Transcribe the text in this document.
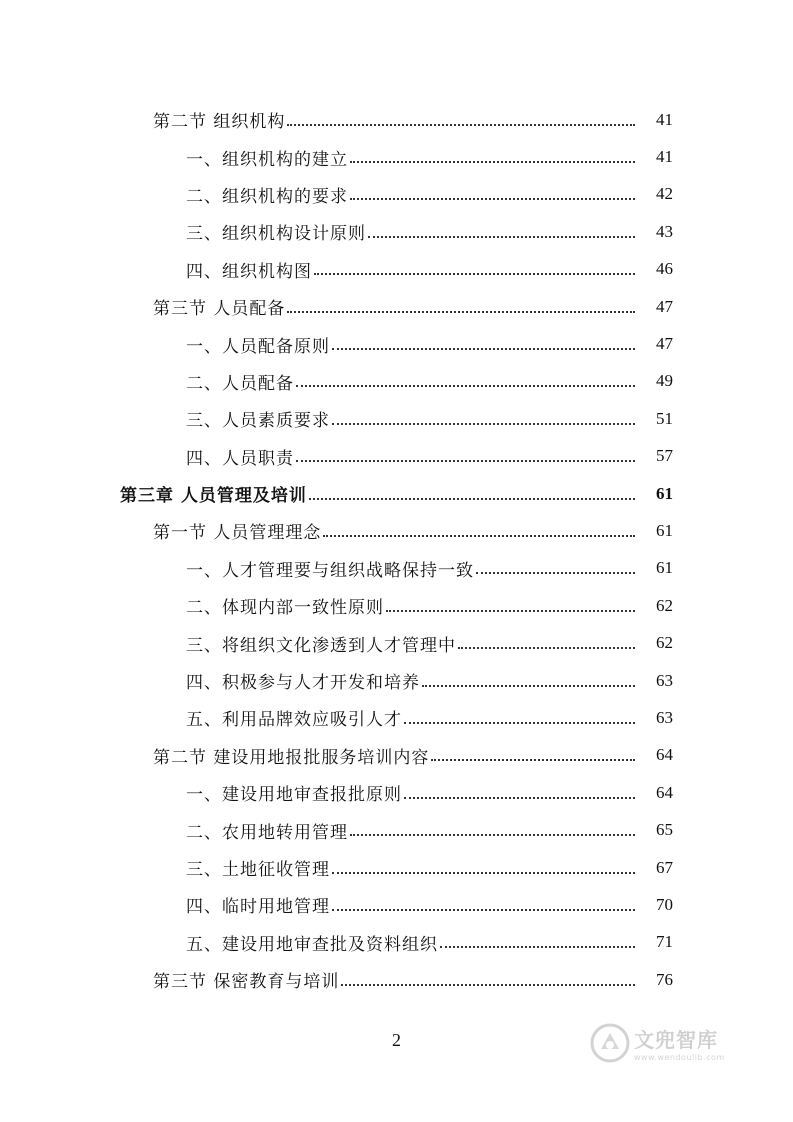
第二节 组织机构	41
一、组织机构的建立	41
二、组织机构的要求	42
三、组织机构设计原则	43
四、组织机构图	46
第三节 人员配备	47
一、人员配备原则	47
二、人员配备	49
三、人员素质要求	51
四、人员职责	57
第三章 人员管理及培训	61
第一节 人员管理理念	61
一、人才管理要与组织战略保持一致	61
二、体现内部一致性原则	62
三、将组织文化渗透到人才管理中	62
四、积极参与人才开发和培养	63
五、利用品牌效应吸引人才	63
第二节 建设用地报批服务培训内容	64
一、建设用地审查报批原则	64
二、农用地转用管理	65
三、土地征收管理	67
四、临时用地管理	70
五、建设用地审查批及资料组织	71
第三节 保密教育与培训	76
2	文兜智库
www.wendoulib.com
